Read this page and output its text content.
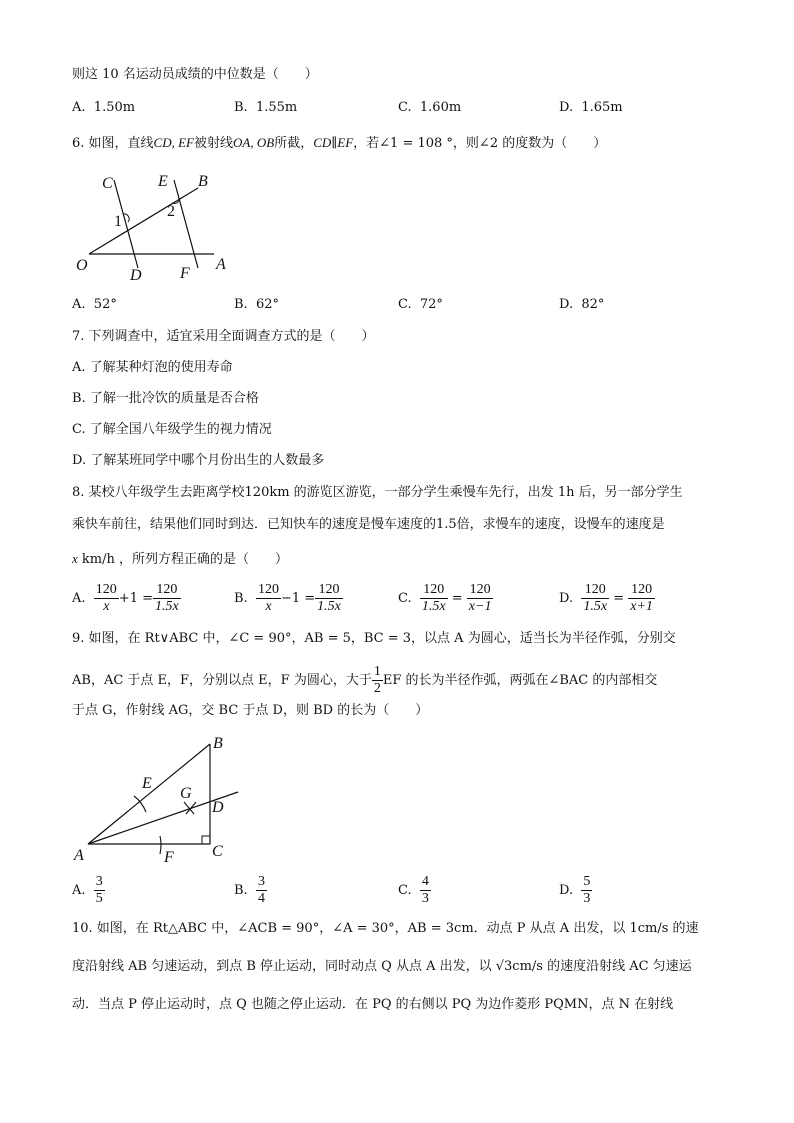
则这 10 名运动员成绩的中位数是（　　）
A. 1.50m	B. 1.55m	C. 1.60m	D. 1.65m
6. 如图，直线CD, EF被射线OA, OB所截，CD∥EF，若∠1 = 108 °，则∠2 的度数为（　　）
C	E B
1
2
O
D F
A
A. 52°	B. 62°	C. 72°	D. 82°
7. 下列调查中，适宜采用全面调查方式的是（　　）
A. 了解某种灯泡的使用寿命
B. 了解一批冷饮的质量是否合格
C. 了解全国八年级学生的视力情况
D. 了解某班同学中哪个月份出生的人数最多
8. 某校八年级学生去距离学校120km 的游览区游览，一部分学生乘慢车先行，出发 1h 后，另一部分学生
乘快车前往，结果他们同时到达．已知快车的速度是慢车速度的1.5倍，求慢车的速度，设慢车的速度是
x km/h ，所列方程正确的是（　　）
A. $\frac{120}{x} +1 = \frac{120}{1.5x}$	B. $\frac{120}{x} -1 = \frac{120}{1.5x}$	C. $\frac{120}{1.5x} = \frac{120}{x-1}$	D. $\frac{120}{1.5x} = \frac{120}{x+1}$
9. 如图，在 Rt∨ABC 中，∠C = 90°，AB = 5，BC = 3，以点 A 为圆心，适当长为半径作弧，分别交
AB，AC 于点 E，F，分别以点 E，F 为圆心，大于 $\frac{1}{2}$ EF 的长为半径作弧，两弧在∠BAC 的内部相交
于点 G，作射线 AG，交 BC 于点 D，则 BD 的长为（　　）
B
E
G
D
A	F C
A. $\frac{3}{5}$	B. $\frac{3}{4}$	C. $\frac{4}{3}$	D. $\frac{5}{3}$
10. 如图，在 Rt△ABC 中，∠ACB = 90°，∠A = 30°，AB = 3cm．动点 P 从点 A 出发，以 1cm/s 的速
度沿射线 AB 匀速运动，到点 B 停止运动，同时动点 Q 从点 A 出发，以 √3cm/s 的速度沿射线 AC 匀速运
动．当点 P 停止运动时，点 Q 也随之停止运动．在 PQ 的右侧以 PQ 为边作菱形 PQMN，点 N 在射线
